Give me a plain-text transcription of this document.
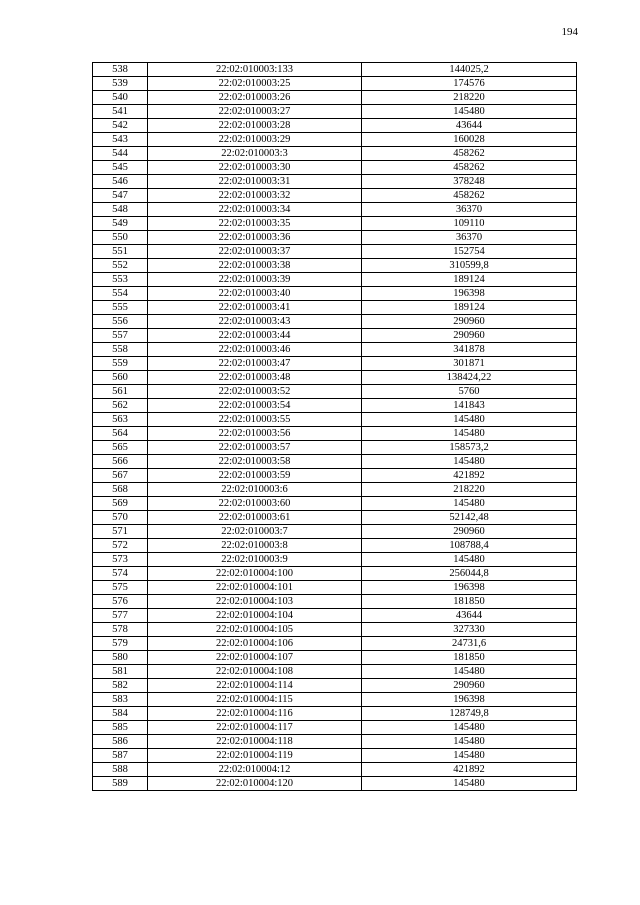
194
538	22:02:010003:133	144025,2
539	22:02:010003:25	174576
540	22:02:010003:26	218220
541	22:02:010003:27	145480
542	22:02:010003:28	43644
543	22:02:010003:29	160028
544	22:02:010003:3	458262
545	22:02:010003:30	458262
546	22:02:010003:31	378248
547	22:02:010003:32	458262
548	22:02:010003:34	36370
549	22:02:010003:35	109110
550	22:02:010003:36	36370
551	22:02:010003:37	152754
552	22:02:010003:38	310599,8
553	22:02:010003:39	189124
554	22:02:010003:40	196398
555	22:02:010003:41	189124
556	22:02:010003:43	290960
557	22:02:010003:44	290960
558	22:02:010003:46	341878
559	22:02:010003:47	301871
560	22:02:010003:48	138424,22
561	22:02:010003:52	5760
562	22:02:010003:54	141843
563	22:02:010003:55	145480
564	22:02:010003:56	145480
565	22:02:010003:57	158573,2
566	22:02:010003:58	145480
567	22:02:010003:59	421892
568	22:02:010003:6	218220
569	22:02:010003:60	145480
570	22:02:010003:61	52142,48
571	22:02:010003:7	290960
572	22:02:010003:8	108788,4
573	22:02:010003:9	145480
574	22:02:010004:100	256044,8
575	22:02:010004:101	196398
576	22:02:010004:103	181850
577	22:02:010004:104	43644
578	22:02:010004:105	327330
579	22:02:010004:106	24731,6
580	22:02:010004:107	181850
581	22:02:010004:108	145480
582	22:02:010004:114	290960
583	22:02:010004:115	196398
584	22:02:010004:116	128749,8
585	22:02:010004:117	145480
586	22:02:010004:118	145480
587	22:02:010004:119	145480
588	22:02:010004:12	421892
589	22:02:010004:120	145480
